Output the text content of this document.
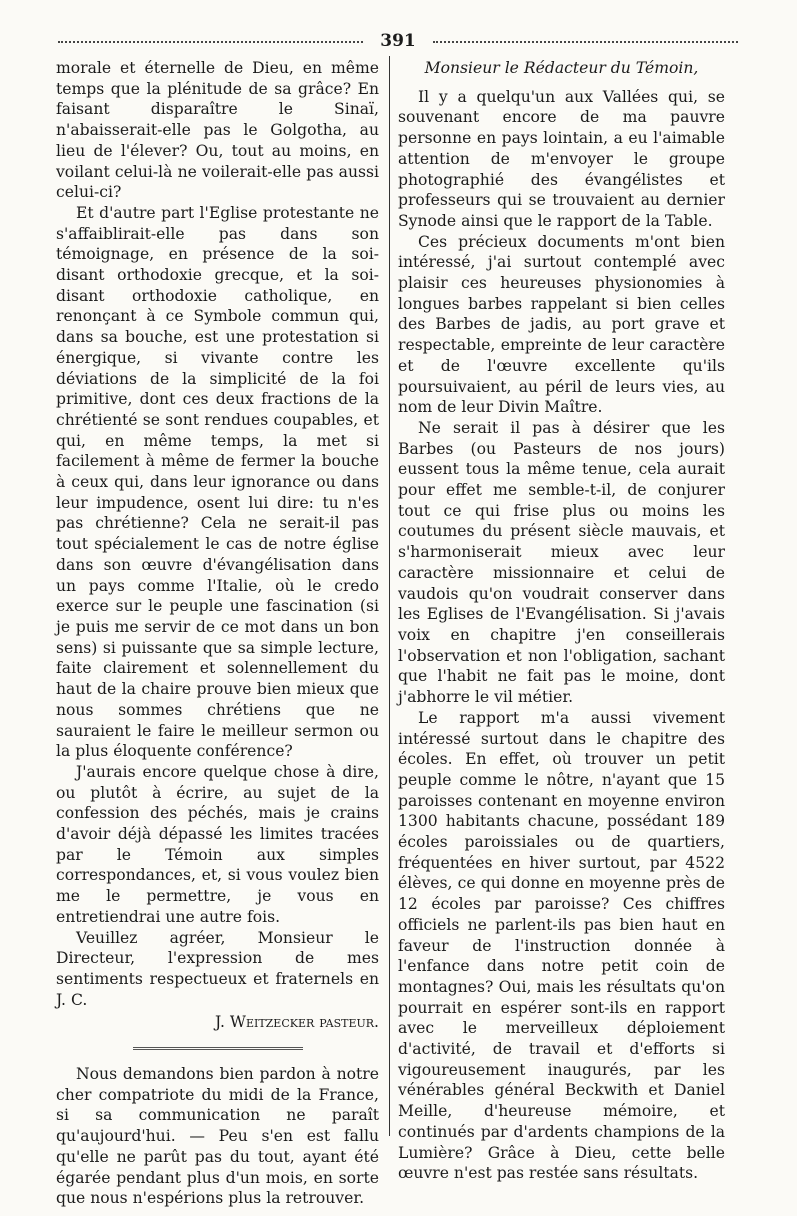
391

morale et éternelle de Dieu, en même temps que la plénitude de sa grâce? En faisant disparaître le Sinaï, n'abaisserait-elle pas le Golgotha, au lieu de l'élever? Ou, tout au moins, en voilant celui-là ne voilerait-elle pas aussi celui-ci?

Et d'autre part l'Eglise protestante ne s'affaiblirait-elle pas dans son témoignage, en présence de la soi-disant orthodoxie grecque, et la soi-disant orthodoxie catholique, en renonçant à ce Symbole commun qui, dans sa bouche, est une protestation si énergique, si vivante contre les déviations de la simplicité de la foi primitive, dont ces deux fractions de la chrétienté se sont rendues coupables, et qui, en même temps, la met si facilement à même de fermer la bouche à ceux qui, dans leur ignorance ou dans leur impudence, osent lui dire: tu n'es pas chrétienne? Cela ne serait-il pas tout spécialement le cas de notre église dans son œuvre d'évangélisation dans un pays comme l'Italie, où le credo exerce sur le peuple une fascination (si je puis me servir de ce mot dans un bon sens) si puissante que sa simple lecture, faite clairement et solennellement du haut de la chaire prouve bien mieux que nous sommes chrétiens que ne sauraient le faire le meilleur sermon ou la plus éloquente conférence?

J'aurais encore quelque chose à dire, ou plutôt à écrire, au sujet de la confession des péchés, mais je crains d'avoir déjà dépassé les limites tracées par le Témoin aux simples correspondances, et, si vous voulez bien me le permettre, je vous en entretiendrai une autre fois.

Veuillez agréer, Monsieur le Directeur, l'expression de mes sentiments respectueux et fraternels en J. C.

J. Weitzecker pasteur.

Nous demandons bien pardon à notre cher compatriote du midi de la France, si sa communication ne paraît qu'aujourd'hui. — Peu s'en est fallu qu'elle ne parût pas du tout, ayant été égarée pendant plus d'un mois, en sorte que nous n'espérions plus la retrouver.

Monsieur le Rédacteur du Témoin,

Il y a quelqu'un aux Vallées qui, se souvenant encore de ma pauvre personne en pays lointain, a eu l'aimable attention de m'envoyer le groupe photographié des évangélistes et professeurs qui se trouvaient au dernier Synode ainsi que le rapport de la Table.

Ces précieux documents m'ont bien intéressé, j'ai surtout contemplé avec plaisir ces heureuses physionomies à longues barbes rappelant si bien celles des Barbes de jadis, au port grave et respectable, empreinte de leur caractère et de l'œuvre excellente qu'ils poursuivaient, au péril de leurs vies, au nom de leur Divin Maître.

Ne serait il pas à désirer que les Barbes (ou Pasteurs de nos jours) eussent tous la même tenue, cela aurait pour effet me semble-t-il, de conjurer tout ce qui frise plus ou moins les coutumes du présent siècle mauvais, et s'harmoniserait mieux avec leur caractère missionnaire et celui de vaudois qu'on voudrait conserver dans les Eglises de l'Evangélisation. Si j'avais voix en chapitre j'en conseillerais l'observation et non l'obligation, sachant que l'habit ne fait pas le moine, dont j'abhorre le vil métier.

Le rapport m'a aussi vivement intéressé surtout dans le chapitre des écoles. En effet, où trouver un petit peuple comme le nôtre, n'ayant que 15 paroisses contenant en moyenne environ 1300 habitants chacune, possédant 189 écoles paroissiales ou de quartiers, fréquentées en hiver surtout, par 4522 élèves, ce qui donne en moyenne près de 12 écoles par paroisse? Ces chiffres officiels ne parlent-ils pas bien haut en faveur de l'instruction donnée à l'enfance dans notre petit coin de montagnes? Oui, mais les résultats qu'on pourrait en espérer sont-ils en rapport avec le merveilleux déploiement d'activité, de travail et d'efforts si vigoureusement inaugurés, par les vénérables général Beckwith et Daniel Meille, d'heureuse mémoire, et continués par d'ardents champions de la Lumière? Grâce à Dieu, cette belle œuvre n'est pas restée sans résultats.
